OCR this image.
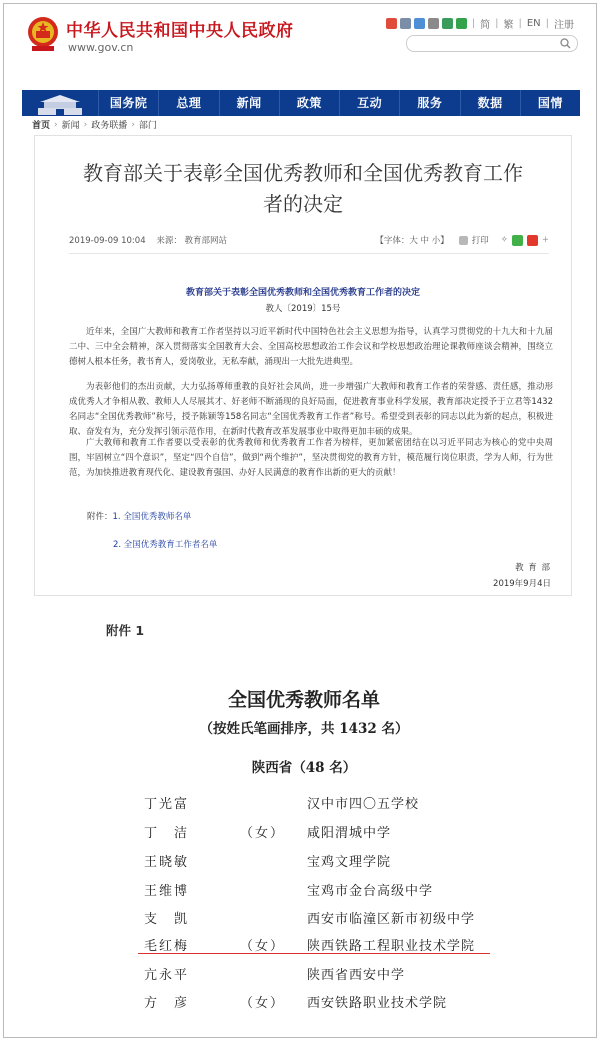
中华人民共和国中央人民政府
www.gov.cn
| 简 | 繁 | EN | 注册
国务院	总理	新闻	政策	互动	服务	数据	国情
首页 › 新闻 › 政务联播 › 部门
教育部关于表彰全国优秀教师和全国优秀教育工作者的决定
2019-09-09 10:04 来源： 教育部网站	【字体：大 中 小】	打印 ✧	+
教育部关于表彰全国优秀教师和全国优秀教育工作者的决定
教人〔2019〕15号
近年来，全国广大教师和教育工作者坚持以习近平新时代中国特色社会主义思想为指导，认真学习贯彻党的十九大和十九届二中、三中全会精神，深入贯彻落实全国教育大会、全国高校思想政治工作会议和学校思想政治理论课教师座谈会精神，围绕立德树人根本任务，教书育人，爱岗敬业，无私奉献，涌现出一大批先进典型。
为表彰他们的杰出贡献，大力弘扬尊师重教的良好社会风尚，进一步增强广大教师和教育工作者的荣誉感、责任感，推动形成优秀人才争相从教、教师人人尽展其才、好老师不断涌现的良好局面，促进教育事业科学发展，教育部决定授予于立君等1432名同志“全国优秀教师”称号，授予陈颖等158名同志“全国优秀教育工作者”称号。希望受到表彰的同志以此为新的起点，积极进取、奋发有为，充分发挥引领示范作用，在新时代教育改革发展事业中取得更加丰硕的成果。
广大教师和教育工作者要以受表彰的优秀教师和优秀教育工作者为榜样，更加紧密团结在以习近平同志为核心的党中央周围，牢固树立“四个意识”，坚定“四个自信”，做到“两个维护”，坚决贯彻党的教育方针，模范履行岗位职责，学为人师，行为世范，为加快推进教育现代化、建设教育强国、办好人民满意的教育作出新的更大的贡献！
附件：1. 全国优秀教师名单
2. 全国优秀教育工作者名单
教 育 部
2019年9月4日
附件 1
全国优秀教师名单
（按姓氏笔画排序，共 1432 名）
陕西省（48 名）
丁光富	汉中市四〇五学校
丁　洁	（女） 咸阳渭城中学
王晓敏	宝鸡文理学院
王维博	宝鸡市金台高级中学
支　凯	西安市临潼区新市初级中学
毛红梅	（女） 陕西铁路工程职业技术学院
亢永平	陕西省西安中学
方　彦	（女） 西安铁路职业技术学院
